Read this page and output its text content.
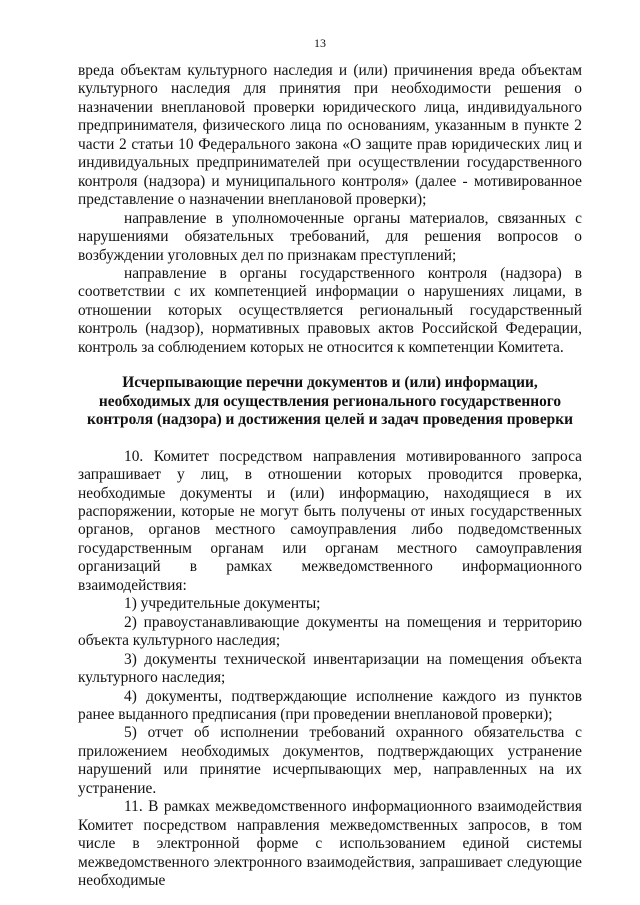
13

вреда объектам культурного наследия и (или) причинения вреда объектам культурного наследия для принятия при необходимости решения о назначении внеплановой проверки юридического лица, индивидуального предпринимателя, физического лица по основаниям, указанным в пункте 2 части 2 статьи 10 Федерального закона «О защите прав юридических лиц и индивидуальных предпринимателей при осуществлении государственного контроля (надзора) и муниципального контроля» (далее - мотивированное представление о назначении внеплановой проверки);

направление в уполномоченные органы материалов, связанных с нарушениями обязательных требований, для решения вопросов о возбуждении уголовных дел по признакам преступлений;

направление в органы государственного контроля (надзора) в соответствии с их компетенцией информации о нарушениях лицами, в отношении которых осуществляется региональный государственный контроль (надзор), нормативных правовых актов Российской Федерации, контроль за соблюдением которых не относится к компетенции Комитета.

Исчерпывающие перечни документов и (или) информации, необходимых для осуществления регионального государственного контроля (надзора) и достижения целей и задач проведения проверки

10. Комитет посредством направления мотивированного запроса запрашивает у лиц, в отношении которых проводится проверка, необходимые документы и (или) информацию, находящиеся в их распоряжении, которые не могут быть получены от иных государственных органов, органов местного самоуправления либо подведомственных государственным органам или органам местного самоуправления организаций в рамках межведомственного информационного взаимодействия:

1) учредительные документы;

2) правоустанавливающие документы на помещения и территорию объекта культурного наследия;

3) документы технической инвентаризации на помещения объекта культурного наследия;

4) документы, подтверждающие исполнение каждого из пунктов ранее выданного предписания (при проведении внеплановой проверки);

5) отчет об исполнении требований охранного обязательства с приложением необходимых документов, подтверждающих устранение нарушений или принятие исчерпывающих мер, направленных на их устранение.

11. В рамках межведомственного информационного взаимодействия Комитет посредством направления межведомственных запросов, в том числе в электронной форме с использованием единой системы межведомственного электронного взаимодействия, запрашивает следующие необходимые
